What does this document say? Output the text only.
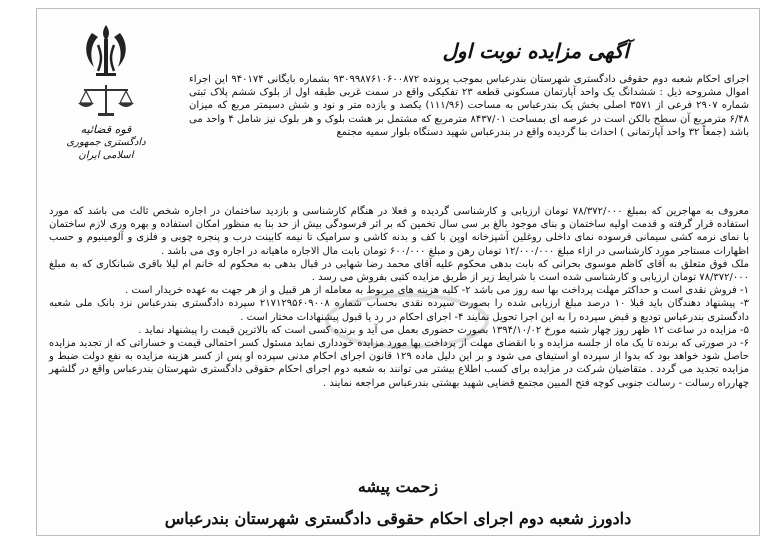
قوه قضائیه
دادگستری جمهوری اسلامی ایران
آگهی مزایده نوبت اول

اجرای احکام شعبه دوم حقوقی دادگستری شهرستان بندرعباس بموجب پرونده ۹۳۰۹۹۸۷۶۱۰۶۰۰۸۷۲ بشماره بایگانی ۹۴۰۱۷۴ این اجراء اموال مشروحه ذیل : ششدانگ یک واحد آپارتمان مسکونی قطعه ۲۳ تفکیکی واقع در سمت غربی طبقه اول از بلوک ششم پلاک ثبتی شماره ۲۹۰۷ فرعی از ۳۵۷۱ اصلی بخش یک بندرعباس به مساحت (۱۱۱/۹۶) یکصد و یازده متر و نود و شش دسیمتر مربع که میزان ۶/۴۸ مترمربع آن سطح بالکن است در عرصه ای بمساحت ۸۴۳۷/۰۱ مترمربع که مشتمل بر هشت بلوک و هر بلوک نیز شامل ۴ واحد می باشد (جمعاً ۳۲ واحد آپارتمانی ) احداث بنا گردیده واقع در بندرعباس شهید دستگاه بلوار سمیه مجتمع

معروف به مهاجرین که بمبلغ ۷۸/۳۷۲/۰۰۰ تومان ارزیابی و کارشناسی گردیده و فعلا در هنگام کارشناسی و بازدید ساختمان در اجاره شخص ثالث می باشد که مورد استفاده قرار گرفته و قدمت اولیه ساختمان و بنای موجود بالغ بر سی سال تخمین که بر اثر فرسودگی بیش از حد بنا به منظور امکان استفاده و بهره وری لازم ساختمان با نمای نرمه کشی سیمانی فرسوده نمای داخلی روغلین آشپزخانه اوپن با کف و بدنه کاشی و سرامیک تا نیمه کابینت درب و پنجره چوبی و فلزی و آلومینیوم و حسب اظهارات مستاجر مورد کارشناسی در ازاء مبلغ ۱۲/۰۰۰/۰۰۰ تومان رهن و مبلغ ۶۰۰/۰۰۰ تومان بابت مال الاجاره ماهیانه در اجاره وی می باشد .

ملک فوق متعلق به آقای کاظم موسوی بحرانی که بابت بدهی محکوم علیه آقای محمد رضا شهابی در قبال بدهی به محکوم له خانم ام لیلا باقری شبانکاری که به مبلغ ۷۸/۳۷۲/۰۰۰ تومان ارزیابی و کارشناسی شده است با شرایط زیر از طریق مزایده کتبی بفروش می رسد .

۱- فروش نقدی است و حداکثر مهلت پرداخت بها سه روز می باشد ۲- کلیه هزینه های مربوط به معامله از هر قبیل و از هر جهت به عهده خریدار است .

۳- پیشنهاد دهندگان باید قبلا ۱۰ درصد مبلغ ارزیابی شده را بصورت سپرده نقدی بحساب شماره ۲۱۷۱۲۹۵۶۰۹۰۰۸ سپرده دادگستری بندرعباس نزد بانک ملی شعبه دادگستری بندرعباس تودیع و قبض سپرده را به این اجرا تحویل نمایند ۴- اجرای احکام در رد یا قبول پیشنهادات مختار است .

۵- مزایده در ساعت ۱۲ ظهر روز چهار شنبه مورخ ۱۳۹۴/۱۰/۰۲ بصورت حضوری بعمل می آید و برنده کسی است که بالاترین قیمت را پیشنهاد نماید .

۶- در صورتی که برنده تا یک ماه از جلسه مزایده و با انقضای مهلت از پرداخت بها مورد مزایده خودداری نماید مسئول کسر احتمالی قیمت و خساراتی که از تجدید مزایده حاصل شود خواهد بود که بدوا از سپرده او استیفای می شود و بر این دلیل ماده ۱۲۹ قانون اجرای احکام مدنی سپرده او پس از کسر هزینه مزایده به نفع دولت ضبط و مزایده تجدید می گردد . متقاضیان شرکت در مزایده برای کسب اطلاع بیشتر می توانند به شعبه دوم اجرای احکام حقوقی دادگستری شهرستان بندرعباس واقع در گلشهر چهارراه رسالت - رسالت جنوبی کوچه فتح المبین مجتمع قضایی شهید بهشتی بندرعباس مراجعه نمایند .

زحمت پیشه
دادورز شعبه دوم اجرای احکام حقوقی دادگستری شهرستان بندرعباس
